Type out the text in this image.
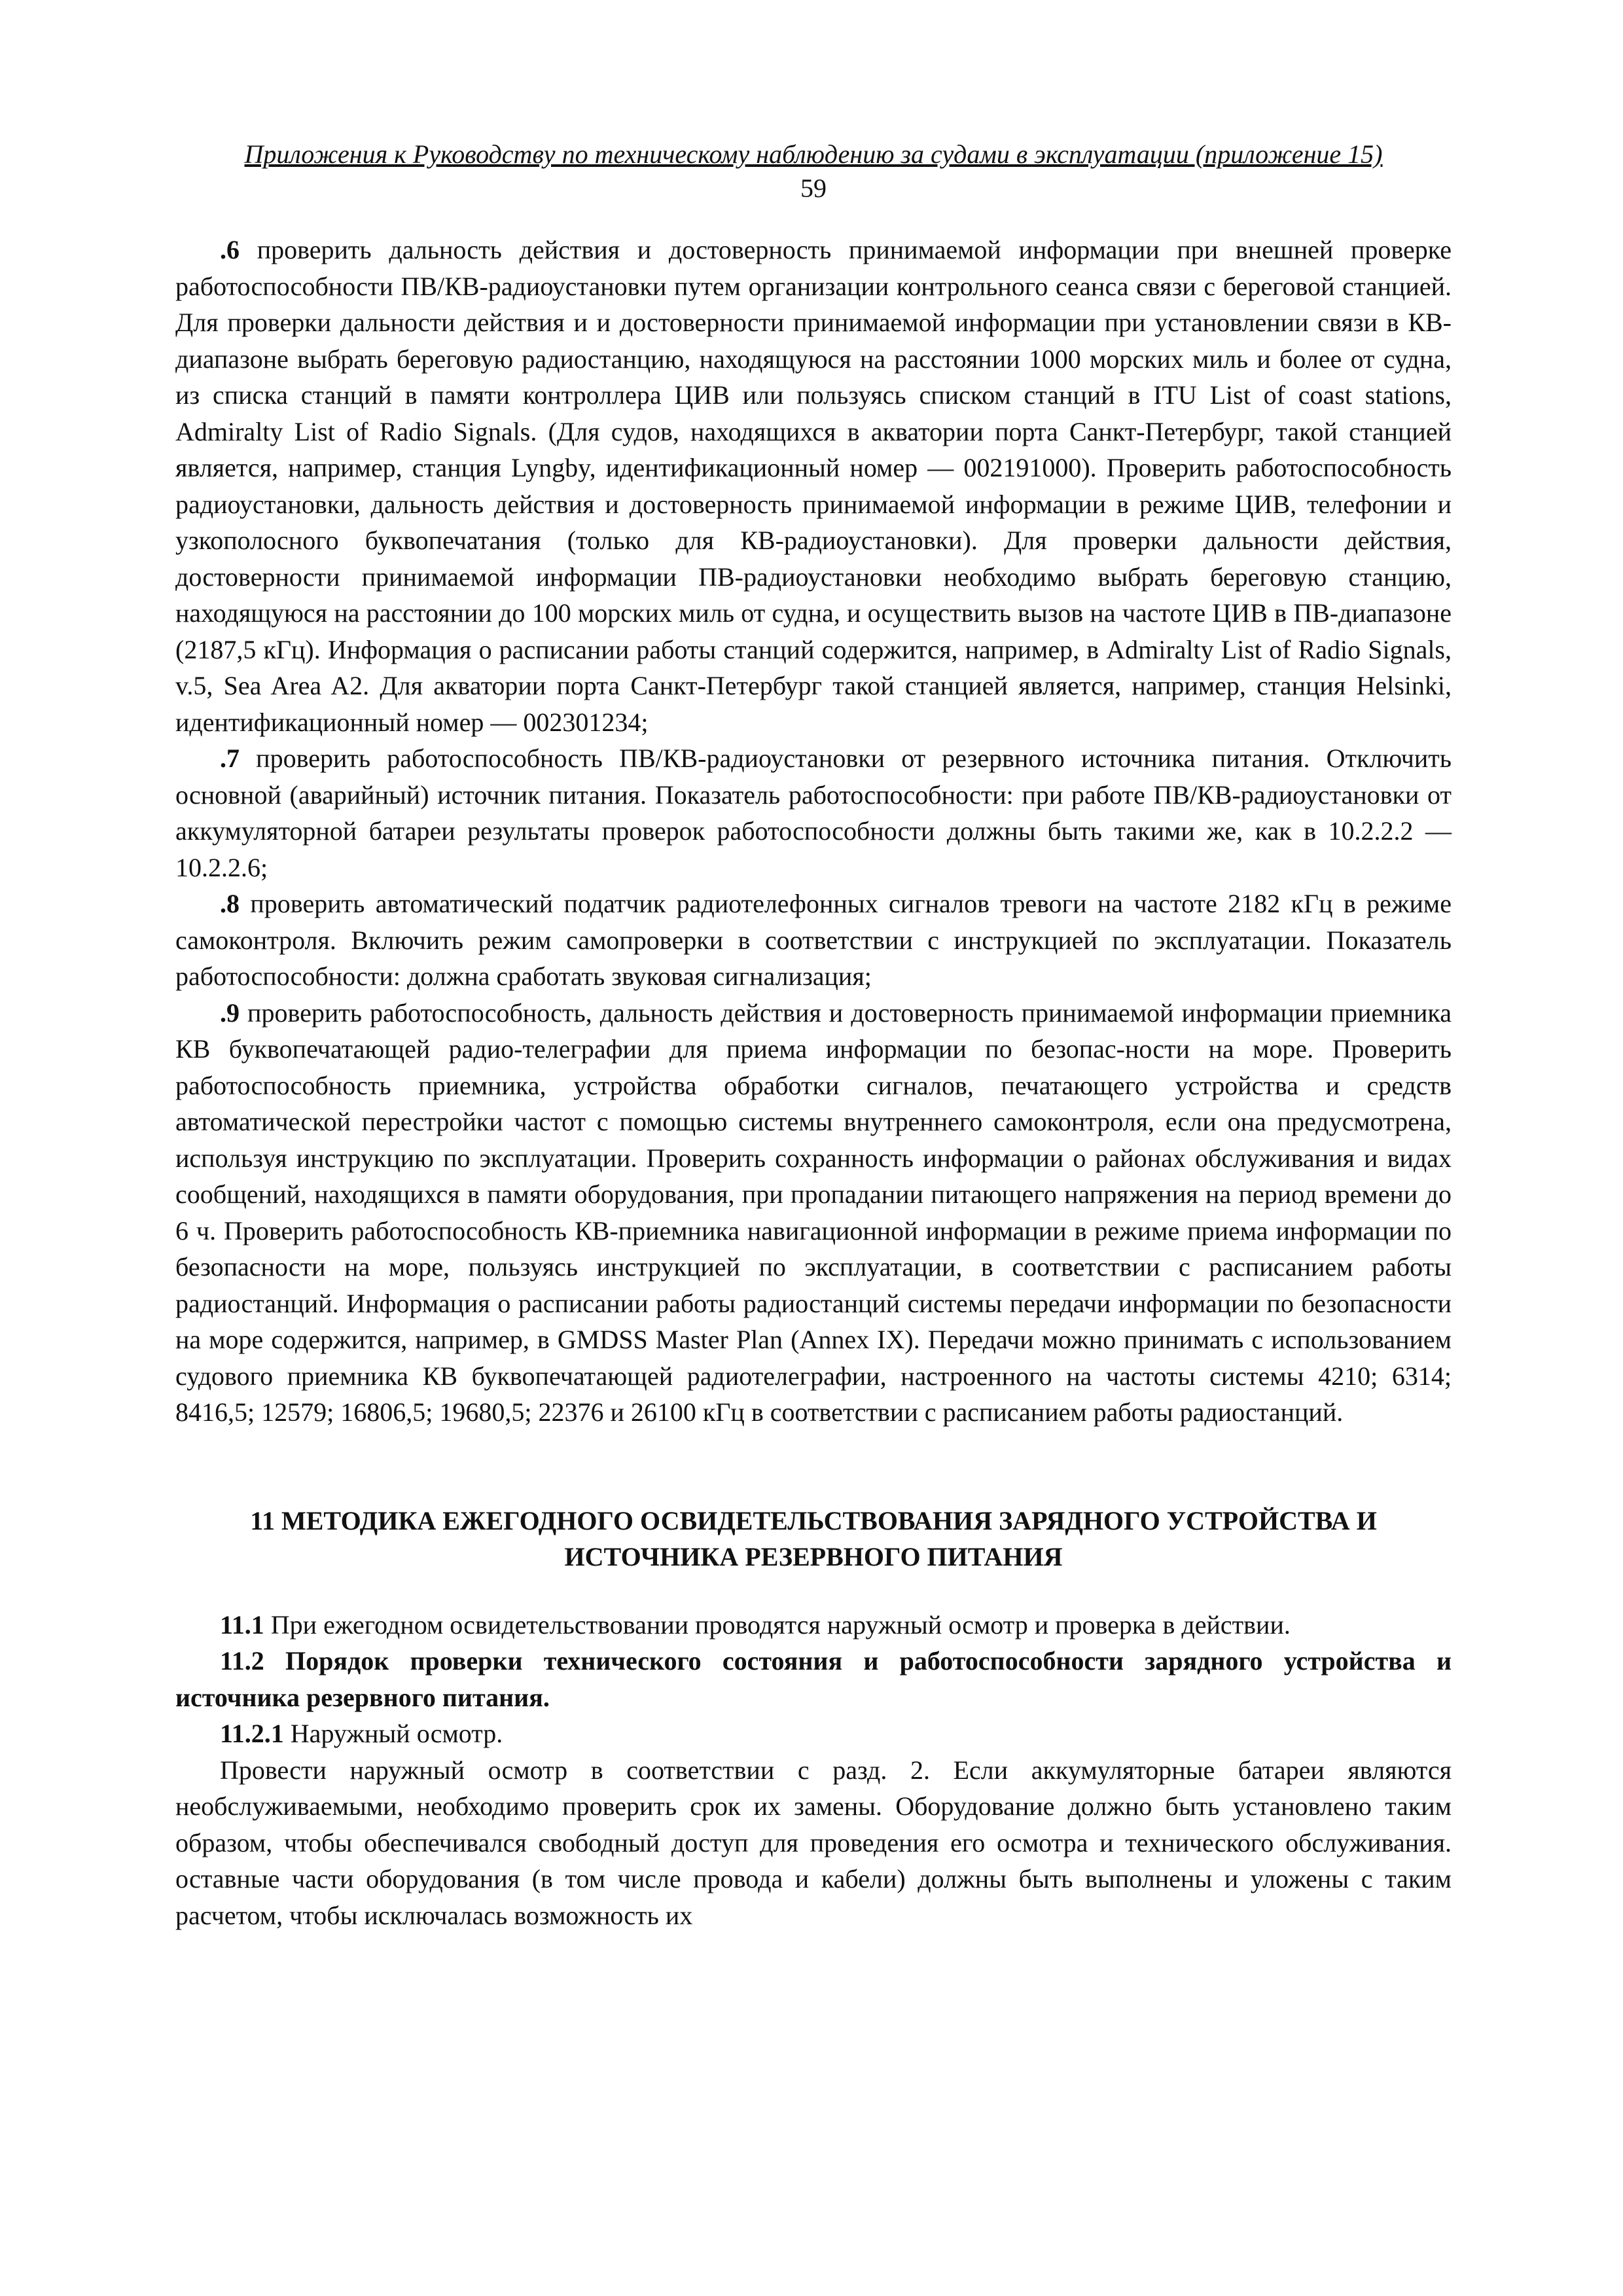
Приложения к Руководству по техническому наблюдению за судами в эксплуатации (приложение 15)
59

.6 проверить дальность действия и достоверность принимаемой информации при внешней проверке работоспособности ПВ/КВ-радиоустановки путем организации контрольного сеанса связи с береговой станцией. Для проверки дальности действия и и достоверности принимаемой информации при установлении связи в КВ-диапазоне выбрать береговую радиостанцию, находящуюся на расстоянии 1000 морских миль и более от судна, из списка станций в памяти контроллера ЦИВ или пользуясь списком станций в ITU List of coast stations, Admiralty List of Radio Signals. (Для судов, находящихся в акватории порта Санкт-Петербург, такой станцией является, например, станция Lyngby, идентификационный номер — 002191000). Проверить работоспособность радиоустановки, дальность действия и достоверность принимаемой информации в режиме ЦИВ, телефонии и узкополосного буквопечатания (только для КВ-радиоустановки). Для проверки дальности действия, достоверности принимаемой информации ПВ-радиоустановки необходимо выбрать береговую станцию, находящуюся на расстоянии до 100 морских миль от судна, и осуществить вызов на частоте ЦИВ в ПВ-диапазоне (2187,5 кГц). Информация о расписании работы станций содержится, например, в Admiralty List of Radio Signals, v.5, Sea Area A2. Для акватории порта Санкт-Петербург такой станцией является, например, станция Helsinki, идентификационный номер — 002301234;

.7 проверить работоспособность ПВ/КВ-радиоустановки от резервного источника питания. Отключить основной (аварийный) источник питания. Показатель работоспособности: при работе ПВ/КВ-радиоустановки от аккумуляторной батареи результаты проверок работоспособности должны быть такими же, как в 10.2.2.2 — 10.2.2.6;

.8 проверить автоматический податчик радиотелефонных сигналов тревоги на частоте 2182 кГц в режиме самоконтроля. Включить режим самопроверки в соответствии с инструкцией по эксплуатации. Показатель работоспособности: должна сработать звуковая сигнализация;

.9 проверить работоспособность, дальность действия и достоверность принимаемой информации приемника КВ буквопечатающей радио-телеграфии для приема информации по безопас-ности на море. Проверить работоспособность приемника, устройства обработки сигналов, печатающего устройства и средств автоматической перестройки частот с помощью системы внутреннего самоконтроля, если она предусмотрена, используя инструкцию по эксплуатации. Проверить сохранность информации о районах обслуживания и видах сообщений, находящихся в памяти оборудования, при пропадании питающего напряжения на период времени до 6 ч. Проверить работоспособность КВ-приемника навигационной информации в режиме приема информации по безопасности на море, пользуясь инструкцией по эксплуатации, в соответствии с расписанием работы радиостанций. Информация о расписании работы радиостанций системы передачи информации по безопасности на море содержится, например, в GMDSS Master Plan (Annex IX). Передачи можно принимать с использованием судового приемника КВ буквопечатающей радиотелеграфии, настроенного на частоты системы 4210; 6314; 8416,5; 12579; 16806,5; 19680,5; 22376 и 26100 кГц в соответствии с расписанием работы радиостанций.

11 МЕТОДИКА ЕЖЕГОДНОГО ОСВИДЕТЕЛЬСТВОВАНИЯ ЗАРЯДНОГО УСТРОЙСТВА И
ИСТОЧНИКА РЕЗЕРВНОГО ПИТАНИЯ

11.1 При ежегодном освидетельствовании проводятся наружный осмотр и проверка в действии.

11.2 Порядок проверки технического состояния и работоспособности зарядного устройства и источника резервного питания.

11.2.1 Наружный осмотр.

Провести наружный осмотр в соответствии с разд. 2. Если аккумуляторные батареи являются необслуживаемыми, необходимо проверить срок их замены. Оборудование должно быть установлено таким образом, чтобы обеспечивался свободный доступ для проведения его осмотра и технического обслуживания. оставные части оборудования (в том числе провода и кабели) должны быть выполнены и уложены с таким расчетом, чтобы исключалась возможность их
